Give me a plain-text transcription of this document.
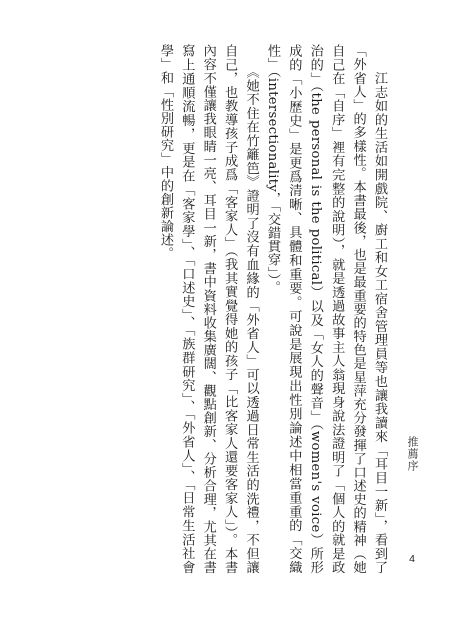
　　江志如的生活如開戲院、廚工和女工宿舍管理員等也讓我讀來「耳目一新」，看到了「外省人」的多樣性。本書最後，也是最重要的特色是星萍充分發揮了口述史的精神（她自己在「自序」裡有完整的說明），就是透過故事主人翁現身說法證明了「個人的就是政治的」（the personal is the political）以及「女人的聲音」（women's voice）所形成的「小歷史」是更爲清晰、具體和重要。可說是展現出性別論述中相當重重的「交織性」（intersectionality，「交錯貫穿」）。

　　《她不住在竹籬笆》證明了沒有血緣的「外省人」可以透過日常生活的洗禮，不但讓自己，也教導孩子成爲「客家人」（我其實覺得她的孩子「比客家人還要客家人」）。本書內容不僅讓我眼睛一亮、耳目一新，書中資料收集廣闊、觀點創新、分析合理，尤其在書寫上通順流暢，更是在「客家學」、「口述史」、「族群研究」、「外省人」、「日常生活社會學」和「性別研究」中的創新論述。

推薦序
4
